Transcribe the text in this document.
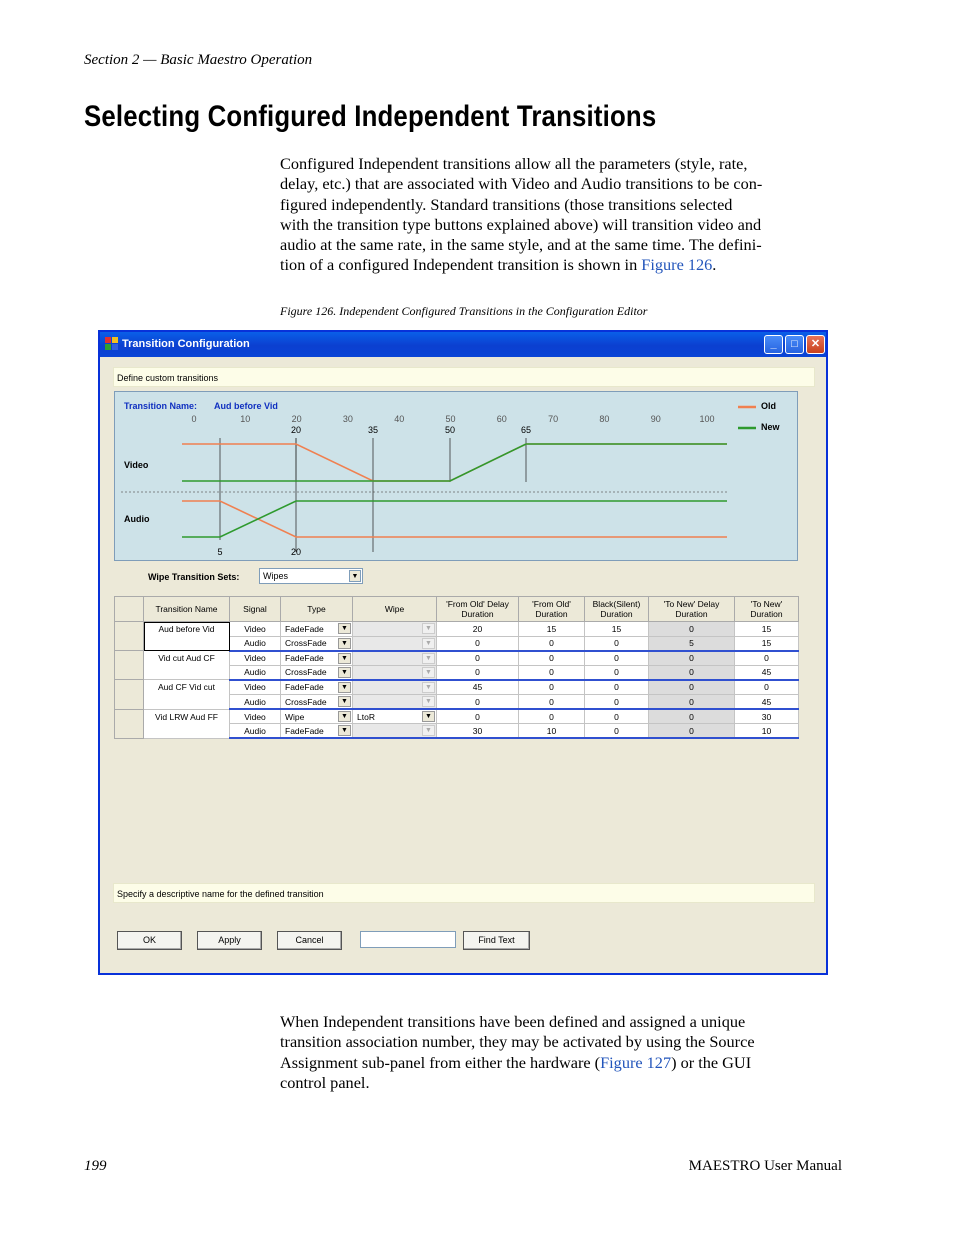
Section 2 — Basic Maestro Operation
Selecting Configured Independent Transitions

Configured Independent transitions allow all the parameters (style, rate,

delay, etc.) that are associated with Video and Audio transitions to be con-

figured independently. Standard transitions (those transitions selected

with the transition type buttons explained above) will transition video and

audio at the same rate, in the same style, and at the same time. The defini-

tion of a configured Independent transition is shown in Figure 126.

Figure 126. Independent Configured Transitions in the Configuration Editor
Transition Configuration	_	□	✕
Define custom transitions
Transition Name: Aud before Vid
0	10	20	30	40	50	60	70	80	90	100
Video
Audio
20	35	50	65
5	20
Old
New
Wipe Transition Sets:	Wipes	▼
	Transition Name	Signal	Type	Wipe	'From Old' Delay Duration	'From Old' Duration	Black(Silent) Duration	'To New' Delay Duration	'To New' Duration
	Aud before Vid	Video	FadeFade ▼	▼	20	15	15	0	15
		Audio	CrossFade ▼	▼	0	0	0	5	15
	Vid cut Aud CF	Video	FadeFade ▼	▼	0	0	0	0	0
		Audio	CrossFade ▼	▼	0	0	0	0	45
	Aud CF Vid cut	Video	FadeFade ▼	▼	45	0	0	0	0
		Audio	CrossFade ▼	▼	0	0	0	0	45
	Vid LRW Aud FF	Video	Wipe ▼	LtoR ▼	0	0	0	0	30
		Audio	FadeFade ▼	▼	30	10	0	0	10
Specify a descriptive name for the defined transition
OK	Apply	Cancel	Find Text

When Independent transitions have been defined and assigned a unique

transition association number, they may be activated by using the Source

Assignment sub-panel from either the hardware (Figure 127) or the GUI

control panel.

199	MAESTRO User Manual
